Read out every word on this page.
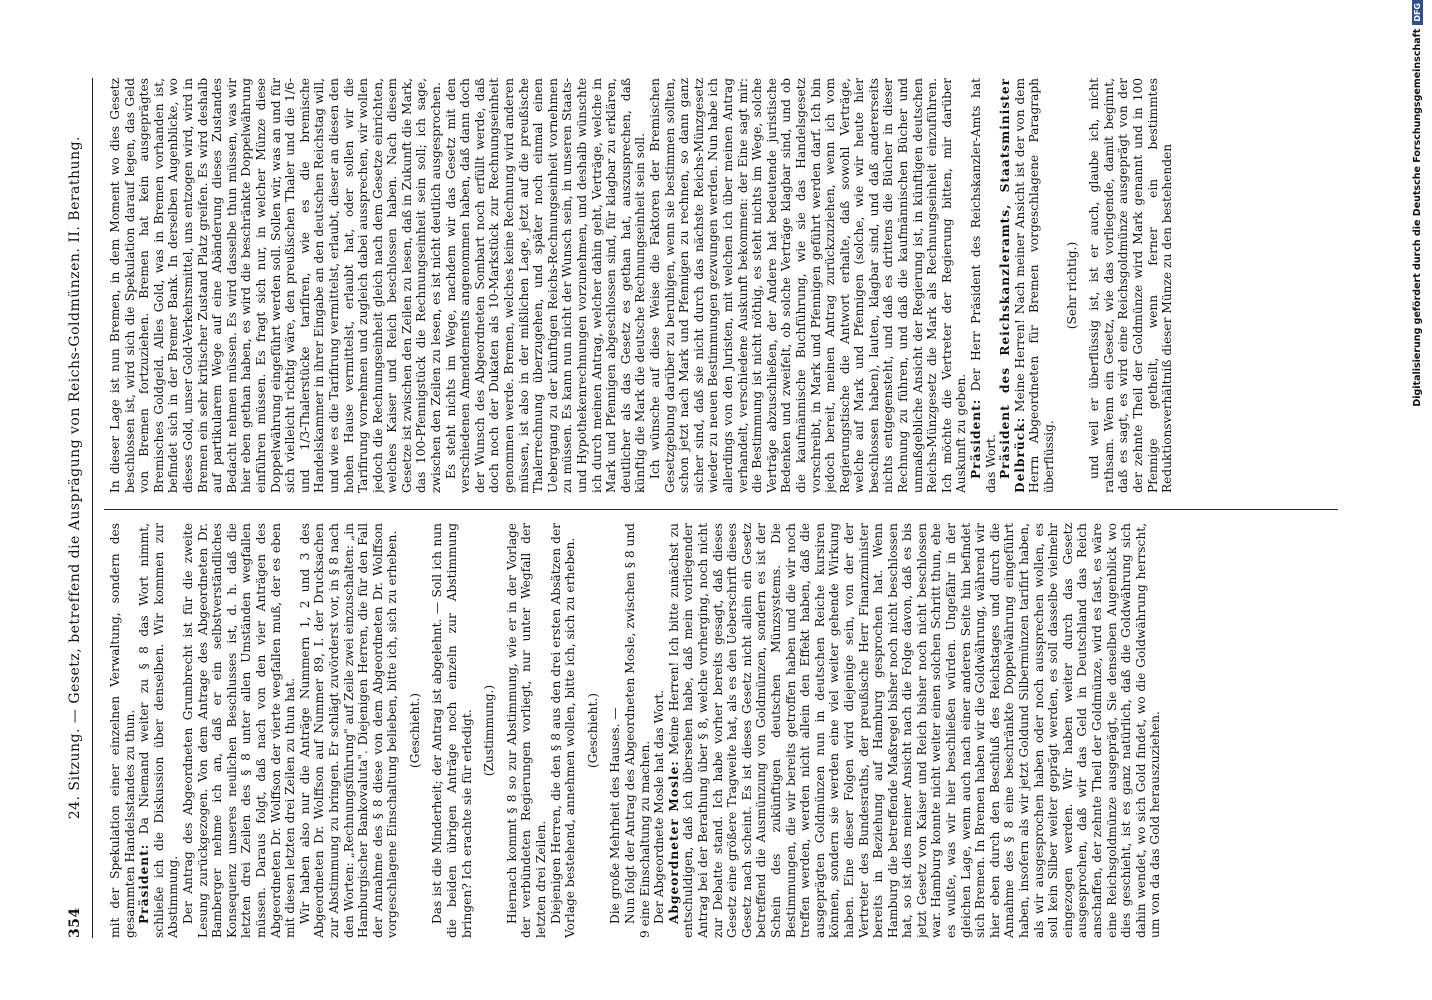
354
24. Sitzung. — Gesetz, betreffend die Ausprägung von Reichs-Goldmünzen. II. Berathung. mit der Spekulation einer einzelnen Verwaltung, sondern des gesammten Handelsstandes zu thun. Präsident: Da Niemand weiter zu § 8 das Wort nimmt, schließe ich die Diskussion über denselben. Wir kommen zur Abstimmung. Der Antrag des Abgeordneten Grumbrecht ist für die zweite Lesung zurückgezogen. Von dem Antrage des Abgeordneten Dr. Bamberger nehme ich an, daß er ein selbstverständliches Konsequenz unseres neulichen Beschlusses ist, d. h. daß die letzten drei Zeilen des § 8 unter allen Umständen wegfallen müssen. Daraus folgt, daß nach von den vier Anträgen des Abgeordneten Dr. Wolffson der vierte wegfallen muß, der es eben mit diesen letzten drei Zeilen zu thun hat. Wir haben also nur die Anträge Nummern 1, 2 und 3 des Abgeordneten Dr. Wolffson auf Nummer 89, I. der Drucksachen zur Abstimmung zu bringen. Er schlägt zuvörderst vor, in § 8 nach den Worten: „Rechnungsführung" auf Zeile zwei einzuschalten: „in Hamburgischer Bankovaluta". Diejenigen Herren, die für den Fall der Annahme des § 8 diese von dem Abgeordneten Dr. Wolffson vorgeschlagene Einschaltung belieben, bitte ich, sich zu erheben. (Geschieht.) Das ist die Minderheit; der Antrag ist abgelehnt. — Soll ich nun die beiden übrigen Anträge noch einzeln zur Abstimmung bringen? Ich erachte sie für erledigt. (Zustimmung.) Hiernach kommt § 8 so zur Abstimmung, wie er in der Vorlage der verbündeten Regierungen vorliegt, nur unter Wegfall der letzten drei Zeilen. Diejenigen Herren, die den § 8 aus den drei ersten Absätzen der Vorlage bestehend, annehmen wollen, bitte ich, sich zu erheben. (Geschieht.) Die große Mehrheit des Hauses. — Nun folgt der Antrag des Abgeordneten Mosle, zwischen § 8 und 9 eine Einschaltung zu machen. Der Abgeordnete Mosle hat das Wort. Abgeordneter Mosle: Meine Herren! Ich bitte zunächst zu entschuldigen, daß ich übersehen habe, daß mein vorliegender Antrag bei der Berathung über § 8, welche vorherging, noch nicht zur Debatte stand. Ich habe vorher bereits gesagt, daß dieses Gesetz eine größere Tragweite hat, als es den Ueberschrift dieses Gesetz nach scheint. Es ist dieses Gesetz nicht allein ein Gesetz betreffend die Ausmünzung von Goldmünzen, sondern es ist der Schein des zukünftigen deutschen Münzsystems. Die Bestimmungen, die wir bereits getroffen haben und die wir noch treffen werden, werden nicht allein den Effekt haben, daß die ausgeprägten Goldmünzen nun in deutschen Reiche kursiren können, sondern sie werden eine viel weiter gehende Wirkung haben. Eine dieser Folgen wird diejenige sein, von der der Vertreter des Bundesraths, der preußische Herr Finanzminister bereits in Beziehung auf Hamburg gesprochen hat. Wenn Hamburg die betreffende Maßregel bisher noch nicht beschlossen hat, so ist dies meiner Ansicht nach die Folge davon, daß es bis jetzt Gesetz von Kaiser und Reich bisher noch nicht beschlossen war. Hamburg konnte nicht weiter einen solchen Schritt thun, ehe es wußte, was wir hier beschließen würden. Ungefähr in der gleichen Lage, wenn auch nach einer anderen Seite hin befindet sich Bremen. In Bremen haben wir die Goldwährung, während wir hier eben durch den Beschluß des Reichstages und durch die Annahme des § 8 eine beschränkte Doppelwährung eingeführt haben, insofern als wir jetzt Goldund Silbermünzen tarifirt haben, als wir ausgesprochen haben oder noch aussprechen wollen, es soll kein Silber weiter geprägt werden, es soll dasselbe vielmehr eingezogen werden. Wir haben weiter durch das Gesetz ausgesprochen, daß wir das Geld in Deutschland das Reich anschaffen, der zehnte Theil der Goldmünze, wird es fast, es wäre eine Reichsgoldmünze ausgeprägt, Sie denselben Augenblick wo dies geschieht, ist es ganz natürlich, daß die Goldwährung sich dahin wendet, wo sich Gold findet, wo die Goldwährung herrscht, um von da das Gold herauszuziehen.

In dieser Lage ist nun Bremen, in dem Moment wo dies Gesetz beschlossen ist, wird sich die Spekulation darauf legen, das Geld von Bremen fortzuziehen. Bremen hat kein ausgeprägtes Bremisches Goldgeld. Alles Gold, was in Bremen vorhanden ist, befindet sich in der Bremer Bank. In derselben Augenblicke, wo dieses Gold, unser Gold-Verkehrsmittel, uns entzogen wird, wird in Bremen ein sehr kritischer Zustand Platz greifen. Es wird deshalb auf partikularem Wege auf eine Abänderung dieses Zustandes Bedacht nehmen müssen. Es wird dasselbe thun müssen, was wir hier eben gethan haben, es wird die beschränkte Doppelwährung einführen müssen. Es fragt sich nur, in welcher Münze diese Doppelwährung eingeführt werden soll. Sollen wir, was an und für sich vielleicht richtig wäre, den preußischen Thaler und die 1/6- und 1/3-Thalerstücke tarifiren, wie es die bremische Handelskammer in ihrer Eingabe an den deutschen Reichstag will, und wie es die Tarifirung vermittelst, erlaubt, dieser an diesen den hohen Hause vermittelst, erlaubt hat, oder sollen wir die Tarifirung vornehmen und zugleich dabei aussprechen, wir wollen jedoch die Rechnungseinheit gleich nach dem Gesetze einrichten, welches Kaiser und Reich beschlossen haben. Nach diesem Gesetze ist zwischen den Zeilen zu lesen, daß in Zukunft die Mark, das 100-Pfennigstück die Rechnungseinheit sein soll; ich sage, zwischen den Zeilen zu lesen, es ist nicht deutlich ausgesprochen. Es steht nichts im Wege, nachdem wir das Gesetz mit den verschiedenen Amendements angenommen haben, daß dann doch der Wunsch des Abgeordneten Sombart noch erfüllt werde, daß doch noch der Dukaten als 10-Markstück zur Rechnungseinheit genommen werde. Bremen, welches keine Rechnung wird anderen müssen, ist also in der mißlichen Lage, jetzt auf die preußische Thalerrechnung überzugehen, und später noch einmal einen Uebergang zu der künftigen Reichs-Rechnungseinheit vornehmen zu müssen. Es kann nun nicht der Wunsch sein, in unseren Staats- und Hypothekenrechnungen vorzunehmen, und deshalb wünschte ich durch meinen Antrag, welcher dahin geht, Verträge, welche in Mark und Pfennigen abgeschlossen sind, für klagbar zu erklären, deutlicher als das Gesetz es gethan hat, auszusprechen, daß künftig die Mark die deutsche Rechnungseinheit sein soll. Ich wünsche auf diese Weise die Faktoren der Bremischen Gesetzgebung darüber zu beruhigen, wenn sie bestimmen sollten, schon jetzt nach Mark und Pfennigen zu rechnen, so dann ganz sicher sind, daß sie nicht durch das nächste Reichs-Münzgesetz wieder zu neuen Bestimmungen gezwungen werden. Nun habe ich allerdings von den Juristen, mit welchen ich über meinen Antrag verhandelt, verschiedene Auskunft bekommen: der Eine sagt mir: die Bestimmung ist nicht nöthig, es steht nichts im Wege, solche Verträge abzuschließen, der Andere hat bedeutende juristische Bedenken und zweifelt, ob solche Verträge klagbar sind, und ob die kaufmännische Buchführung, wie sie das Handelsgesetz vorschreibt, in Mark und Pfennigen geführt werden darf. Ich bin jedoch bereit, meinen Antrag zurückzuziehen, wenn ich vom Regierungstische die Antwort erhalte, daß sowohl Verträge, welche auf Mark und Pfennigen (solche, wie wir heute hier beschlossen haben), lauten, klagbar sind, und daß andererseits nichts entgegensteht, und daß es drittens die Bücher in dieser Rechnung zu führen, und daß die kaufmännischen Bücher und unmaßgebliche Ansicht der Regierung ist, in künftigen deutschen Reichs-Münzgesetz die Mark als Rechnungseinheit einzuführen. Ich möchte die Vertreter der Regierung bitten, mir darüber Auskunft zu geben. Präsident: Der Herr Präsident des Reichskanzler-Amts hat das Wort. Präsident des Reichskanzleramts, Staatsminister Delbrück: Meine Herren! Nach meiner Ansicht ist der von dem Herrn Abgeordneten für Bremen vorgeschlagene Paragraph überflüssig.

(Sehr richtig.) und weil er überflüssig ist, ist er auch, glaube ich, nicht rathsam. Wenn ein Gesetz, wie das vorliegende, damit beginnt, daß es sagt, es wird eine Reichsgoldmünze ausgeprägt von der der zehnte Theil der Goldmünze wird Mark genannt und in 100 Pfennige getheilt, wenn ferner ein bestimmtes Reduktionsverhältniß dieser Münze zu den bestehenden	Digitalisierung gefördert durch die Deutsche ForschungsgemeinschaftDFG
